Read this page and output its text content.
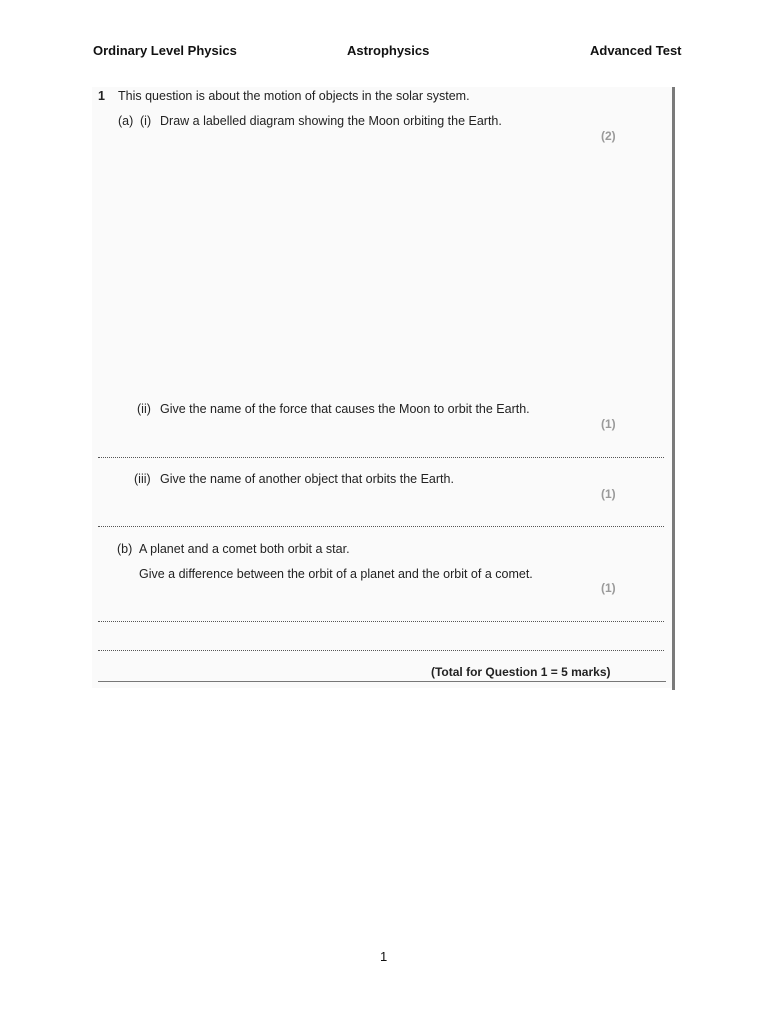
Ordinary Level Physics	Astrophysics	Advanced Test
1 This question is about the motion of objects in the solar system.
(a) (i) Draw a labelled diagram showing the Moon orbiting the Earth.
(2)
(ii) Give the name of the force that causes the Moon to orbit the Earth.
(1)
(iii) Give the name of another object that orbits the Earth.
(1)
(b) A planet and a comet both orbit a star.
Give a difference between the orbit of a planet and the orbit of a comet.
(1)
(Total for Question 1 = 5 marks)
1
